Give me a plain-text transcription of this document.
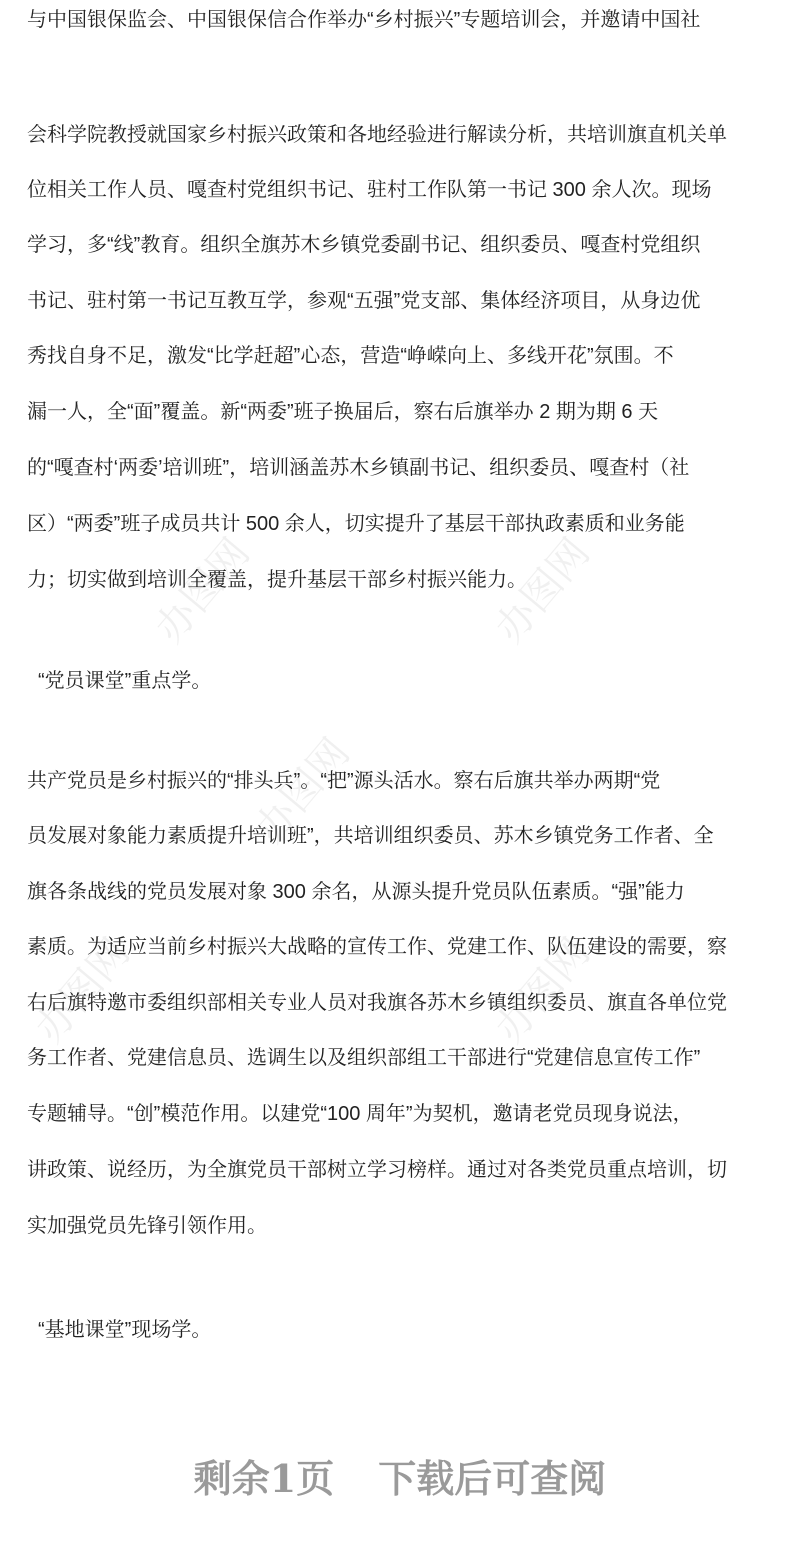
办图网	办图网
办图网
办图网	办图网
与中国银保监会、中国银保信合作举办“乡村振兴”专题培训会，并邀请中国社
会科学院教授就国家乡村振兴政策和各地经验进行解读分析，共培训旗直机关单
位相关工作人员、嘎查村党组织书记、驻村工作队第一书记 300 余人次。现场
学习，多“线”教育。组织全旗苏木乡镇党委副书记、组织委员、嘎查村党组织
书记、驻村第一书记互教互学，参观“五强”党支部、集体经济项目，从身边优
秀找自身不足，激发“比学赶超”心态，营造“峥嵘向上、多线开花”氛围。不
漏一人，全“面”覆盖。新“两委”班子换届后，察右后旗举办 2 期为期 6 天
的“嘎查村‘两委’培训班”，培训涵盖苏木乡镇副书记、组织委员、嘎查村（社
区）“两委”班子成员共计 500 余人，切实提升了基层干部执政素质和业务能
力；切实做到培训全覆盖，提升基层干部乡村振兴能力。
“党员课堂”重点学。
共产党员是乡村振兴的“排头兵”。“把”源头活水。察右后旗共举办两期“党
员发展对象能力素质提升培训班”，共培训组织委员、苏木乡镇党务工作者、全
旗各条战线的党员发展对象 300 余名，从源头提升党员队伍素质。“强”能力
素质。为适应当前乡村振兴大战略的宣传工作、党建工作、队伍建设的需要，察
右后旗特邀市委组织部相关专业人员对我旗各苏木乡镇组织委员、旗直各单位党
务工作者、党建信息员、选调生以及组织部组工干部进行“党建信息宣传工作”
专题辅导。“创”模范作用。以建党“100 周年”为契机，邀请老党员现身说法，
讲政策、说经历，为全旗党员干部树立学习榜样。通过对各类党员重点培训，切
实加强党员先锋引领作用。
“基地课堂”现场学。
剩余1页 下载后可查阅
